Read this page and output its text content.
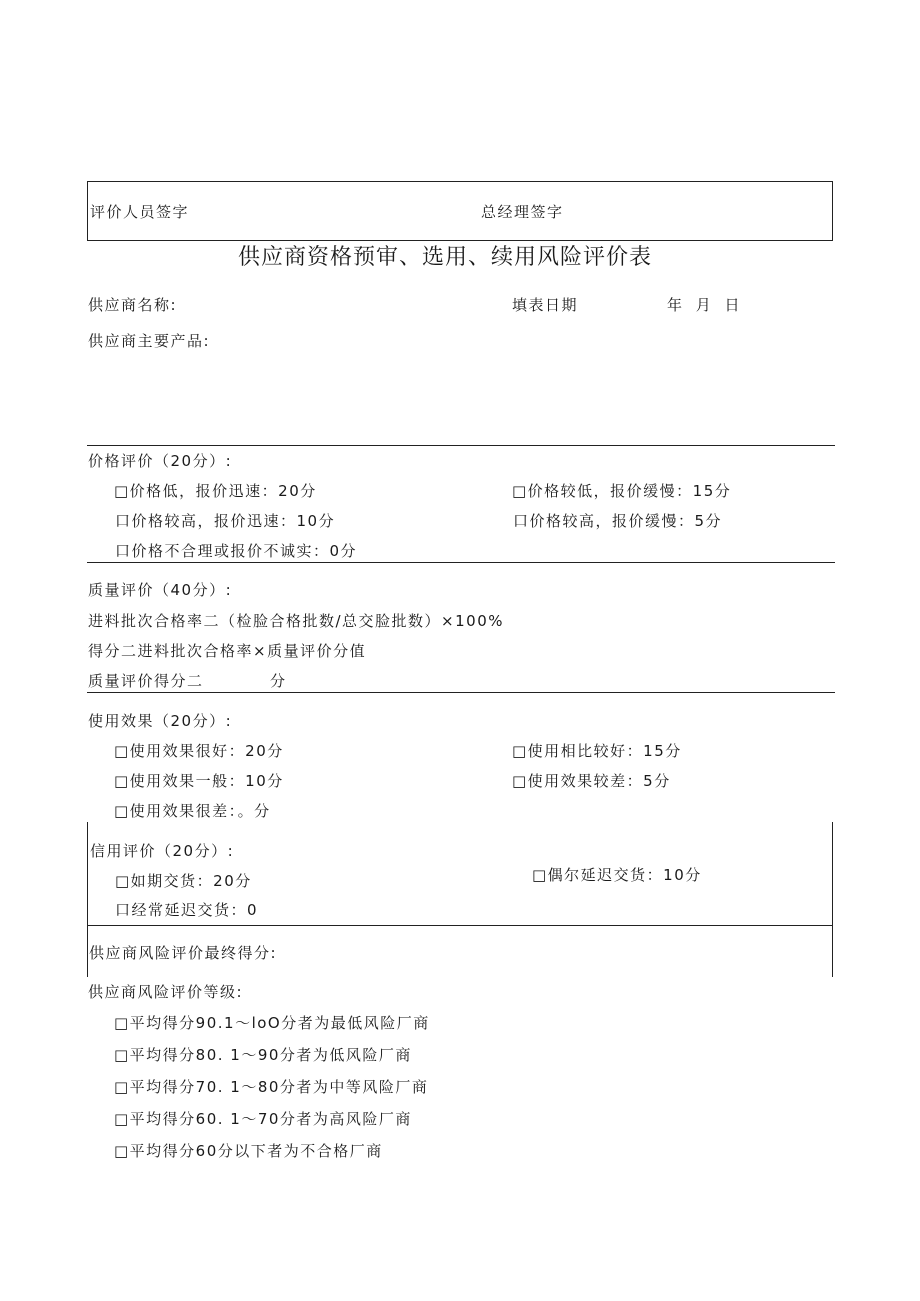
评价人员签字	总经理签字
供应商资格预审、选用、续用风险评价表
供应商名称:	填表日期	年 月 日
供应商主要产品:
价格评价（20分）:
□价格低，报价迅速：20分	□价格较低，报价缓慢：15分
口价格较高，报价迅速：10分	口价格较高，报价缓慢：5分
口价格不合理或报价不诚实：0分
质量评价（40分）:
进料批次合格率二（检脸合格批数/总交脸批数）×100%
得分二进料批次合格率×质量评价分值
质量评价得分二	分
使用效果（20分）:
□使用效果很好：20分	□使用相比较好：15分
□使用效果一般：10分	□使用效果较差：5分
□使用效果很差：。分
信用评价（20分）:
□如期交货：20分	□偶尔延迟交货：10分
口经常延迟交货：0
供应商风险评价最终得分:
供应商风险评价等级:
□平均得分90.1～loO分者为最低风险厂商
□平均得分80. 1～90分者为低风险厂商
□平均得分70. 1～80分者为中等风险厂商
□平均得分60. 1～70分者为高风险厂商
□平均得分60分以下者为不合格厂商
